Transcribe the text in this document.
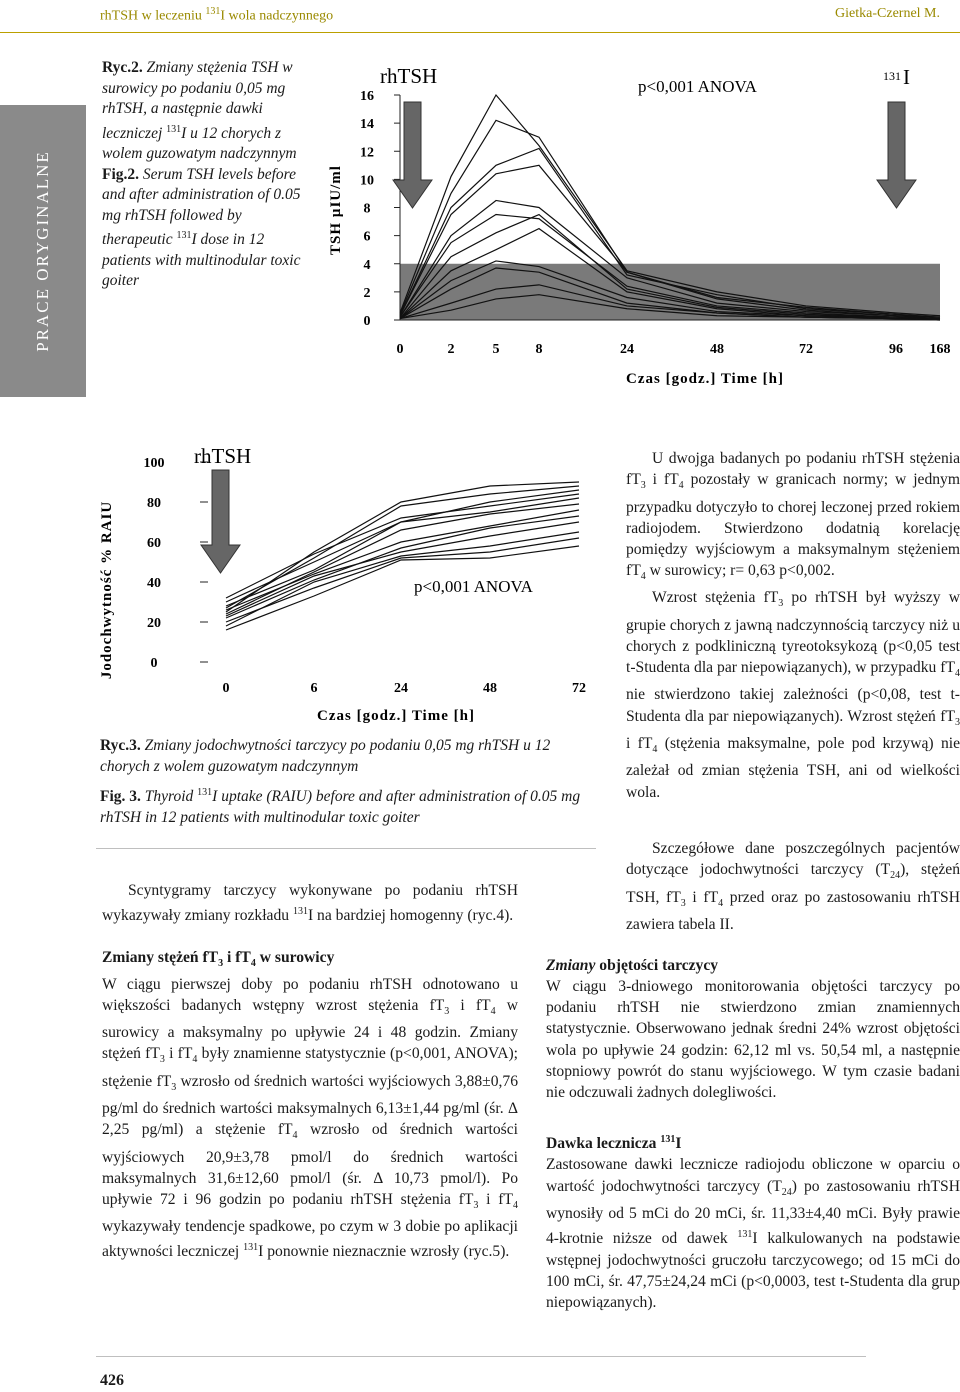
rhTSH w leczeniu $^{131}$I wola nadczynnego	Gietka-Czernel M.
PRACE ORYGINALNE
Ryc.2. Zmiany stężenia TSH w surowicy po podaniu 0,05 mg rhTSH, a następnie dawki leczniczej $^{131}$I u 12 chorych z wolem guzowatym nadczynnym
Fig.2. Serum TSH levels before and after administration of 0.05 mg rhTSH followed by therapeutic $^{131}$I dose in 12 patients with multinodular toxic goiter
0
2
4
6
8
10
12
14
16
0	2	5	8	24	48	72	96 168
TSH µIU/ml
rhTSH	p<0,001 ANOVA
131 I
Czas [godz.] Time [h]
0
20
40
60
80
100
0	6	24	48	72
Jodochwytność % RAIU
rhTSH
p<0,001 ANOVA
Czas [godz.] Time [h]
Ryc.3. Zmiany jodochwytności tarczycy po podaniu 0,05 mg rhTSH u 12 chorych z wolem guzowatym nadczynnym
Fig. 3. Thyroid $^{131}$I uptake (RAIU) before and after administration of 0.05 mg rhTSH in 12 patients with multinodular toxic goiter

Scyntygramy tarczycy wykonywane po podaniu rhTSH wykazywały zmiany rozkładu $^{131}$I na bardziej homogenny (ryc.4).

Zmiany stężeń $fT_3$ i $fT_4$ w surowicy

W ciągu pierwszej doby po podaniu rhTSH odnotowano u większości badanych wstępny wzrost stężenia $fT_3$ i $fT_4$ w surowicy a maksymalny po upływie 24 i 48 godzin. Zmiany stężeń $fT_3$ i $fT_4$ były znamienne statystycznie (p<0,001, ANOVA); stężenie $fT_3$ wzrosło od średnich wartości wyjściowych 3,88±0,76 pg/ml do średnich wartości maksymalnych 6,13±1,44 pg/ml (śr. Δ 2,25 pg/ml) a stężenie $fT_4$ wzrosło od średnich wartości wyjściowych 20,9±3,78 pmol/l do średnich wartości maksymalnych 31,6±12,60 pmol/l (śr. Δ 10,73 pmol/l). Po upływie 72 i 96 godzin po podaniu rhTSH stężenia $fT_3$ i $fT_4$ wykazywały tendencje spadkowe, po czym w 3 dobie po aplikacji aktywności leczniczej $^{131}$I ponownie nieznacznie wzrosły (ryc.5).

U dwojga badanych po podaniu rhTSH stężenia $fT_3$ i $fT_4$ pozostały w granicach normy; w jednym przypadku dotyczyło to chorej leczonej przed rokiem radiojodem. Stwierdzono dodatnią korelację pomiędzy wyjściowym a maksymalnym stężeniem $fT_4$ w surowicy; r= 0,63 p<0,002.

Wzrost stężenia $fT_3$ po rhTSH był wyższy w grupie chorych z jawną nadczynnością tarczycy niż u chorych z podkliniczną tyreotoksykozą (p<0,05 test t-Studenta dla par niepowiązanych), w przypadku $fT_4$ nie stwierdzono takiej zależności (p<0,08, test t-Studenta dla par niepowiązanych). Wzrost stężeń $fT_3$ i $fT_4$ (stężenia maksymalne, pole pod krzywą) nie zależał od zmian stężenia TSH, ani od wielkości wola.

Szczegółowe dane poszczególnych pacjentów dotyczące jodochwytności tarczycy $(T_{24})$, stężeń TSH, $fT_3$ i $fT_4$ przed oraz po zastosowaniu rhTSH zawiera tabela II.

Zmiany objętości tarczycy

W ciągu 3-dniowego monitorowania objętości tarczycy po podaniu rhTSH nie stwierdzono zmian znamiennych statystycznie. Obserwowano jednak średni 24% wzrost objętości wola po upływie 24 godzin: 62,12 ml vs. 50,54 ml, a następnie stopniowy powrót do stanu wyjściowego. W tym czasie badani nie odczuwali żadnych dolegliwości.

Dawka lecznicza $^{131}$I

Zastosowane dawki lecznicze radiojodu obliczone w oparciu o wartość jodochwytności tarczycy $(T_{24})$ po zastosowaniu rhTSH wynosiły od 5 mCi do 20 mCi, śr. 11,33±4,40 mCi. Były prawie 4-krotnie niższe od dawek $^{131}$I kalkulowanych na podstawie wstępnej jodochwytności gruczołu tarczycowego; od 15 mCi do 100 mCi, śr. 47,75±24,24 mCi (p<0,0003, test t-Studenta dla grup niepowiązanych).

426
